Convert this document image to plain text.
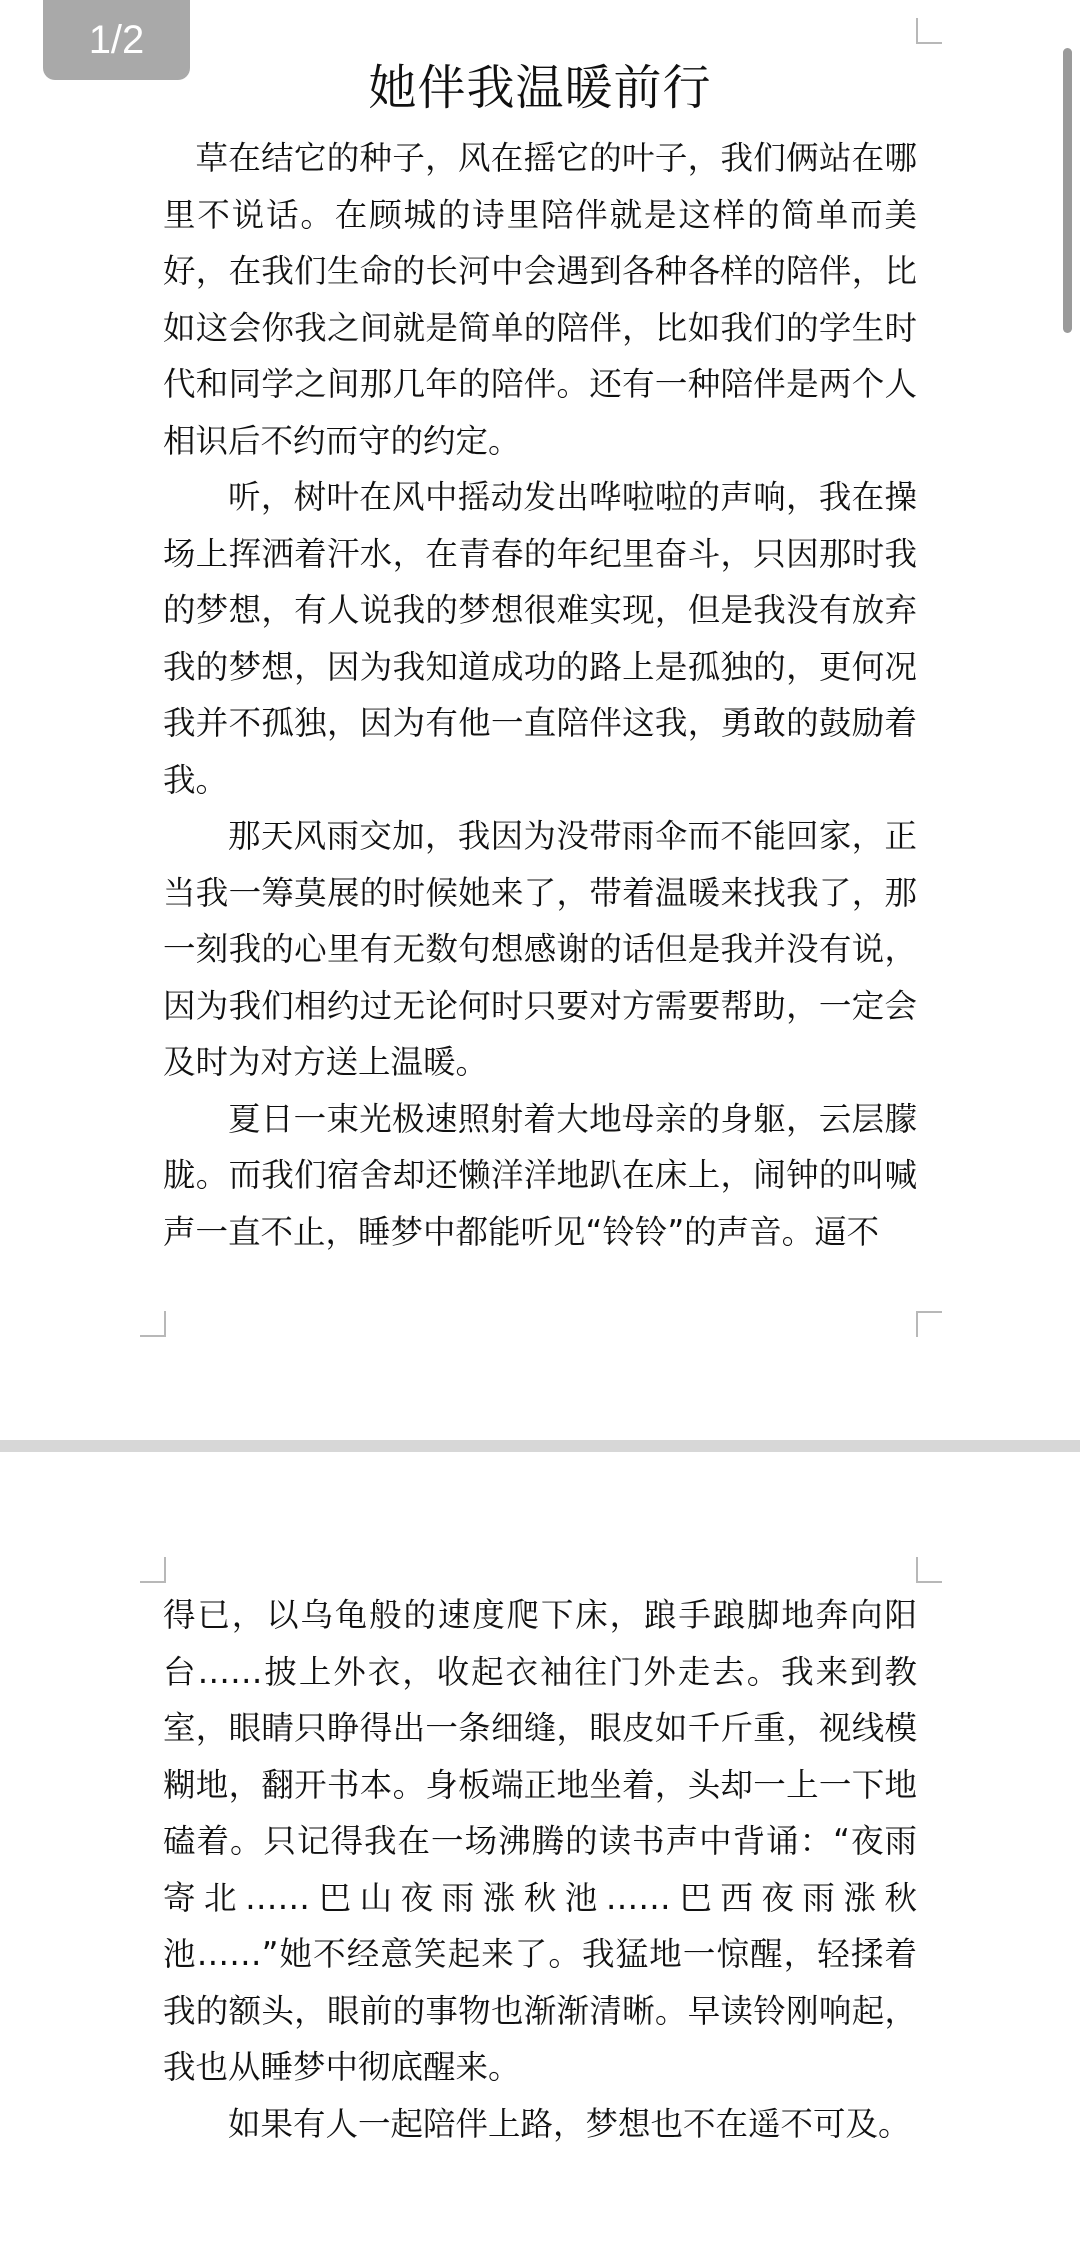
1/2
她伴我温暖前行

草在结它的种子，风在摇它的叶子，我们俩站在哪里不说话。在顾城的诗里陪伴就是这样的简单而美好，在我们生命的长河中会遇到各种各样的陪伴，比如这会你我之间就是简单的陪伴，比如我们的学生时代和同学之间那几年的陪伴。还有一种陪伴是两个人相识后不约而守的约定。

听，树叶在风中摇动发出哗啦啦的声响，我在操场上挥洒着汗水，在青春的年纪里奋斗，只因那时我的梦想，有人说我的梦想很难实现，但是我没有放弃我的梦想，因为我知道成功的路上是孤独的，更何况我并不孤独，因为有他一直陪伴这我，勇敢的鼓励着我。

那天风雨交加，我因为没带雨伞而不能回家，正当我一筹莫展的时候她来了，带着温暖来找我了，那一刻我的心里有无数句想感谢的话但是我并没有说，因为我们相约过无论何时只要对方需要帮助，一定会及时为对方送上温暖。

夏日一束光极速照射着大地母亲的身躯，云层朦胧。而我们宿舍却还懒洋洋地趴在床上，闹钟的叫喊声一直不止，睡梦中都能听见“铃铃”的声音。逼不

得已，以乌龟般的速度爬下床，踉手踉脚地奔向阳台……披上外衣，收起衣袖往门外走去。我来到教室，眼睛只睁得出一条细缝，眼皮如千斤重，视线模糊地，翻开书本。身板端正地坐着，头却一上一下地磕着。只记得我在一场沸腾的读书声中背诵：“夜雨寄北……巴山夜雨涨秋池……巴西夜雨涨秋池……”她不经意笑起来了。我猛地一惊醒，轻揉着我的额头，眼前的事物也渐渐清晰。早读铃刚响起，我也从睡梦中彻底醒来。

如果有人一起陪伴上路，梦想也不在遥不可及。
